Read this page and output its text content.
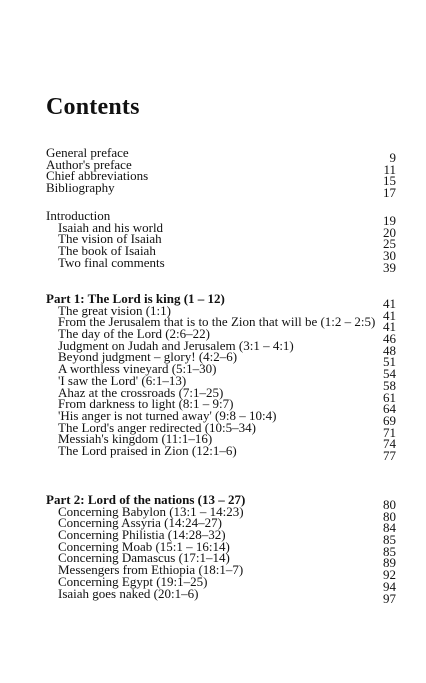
Contents
General preface	9
Author's preface	11
Chief abbreviations	15
Bibliography	17
Introduction	19
Isaiah and his world	20
The vision of Isaiah	25
The book of Isaiah	30
Two final comments	39
Part 1: The Lord is king (1 – 12)	41
The great vision (1:1)	41
From the Jerusalem that is to the Zion that will be (1:2 – 2:5) 41
The day of the Lord (2:6–22)	46
Judgment on Judah and Jerusalem (3:1 – 4:1)	48
Beyond judgment – glory! (4:2–6)	51
A worthless vineyard (5:1–30)	54
'I saw the Lord' (6:1–13)	58
Ahaz at the crossroads (7:1–25)	61
From darkness to light (8:1 – 9:7)	64
'His anger is not turned away' (9:8 – 10:4)	69
The Lord's anger redirected (10:5–34)	71
Messiah's kingdom (11:1–16)	74
The Lord praised in Zion (12:1–6)	77
Part 2: Lord of the nations (13 – 27)	80
Concerning Babylon (13:1 – 14:23)	80
Concerning Assyria (14:24–27)	84
Concerning Philistia (14:28–32)	85
Concerning Moab (15:1 – 16:14)	85
Concerning Damascus (17:1–14)	89
Messengers from Ethiopia (18:1–7)	92
Concerning Egypt (19:1–25)	94
Isaiah goes naked (20:1–6)	97
